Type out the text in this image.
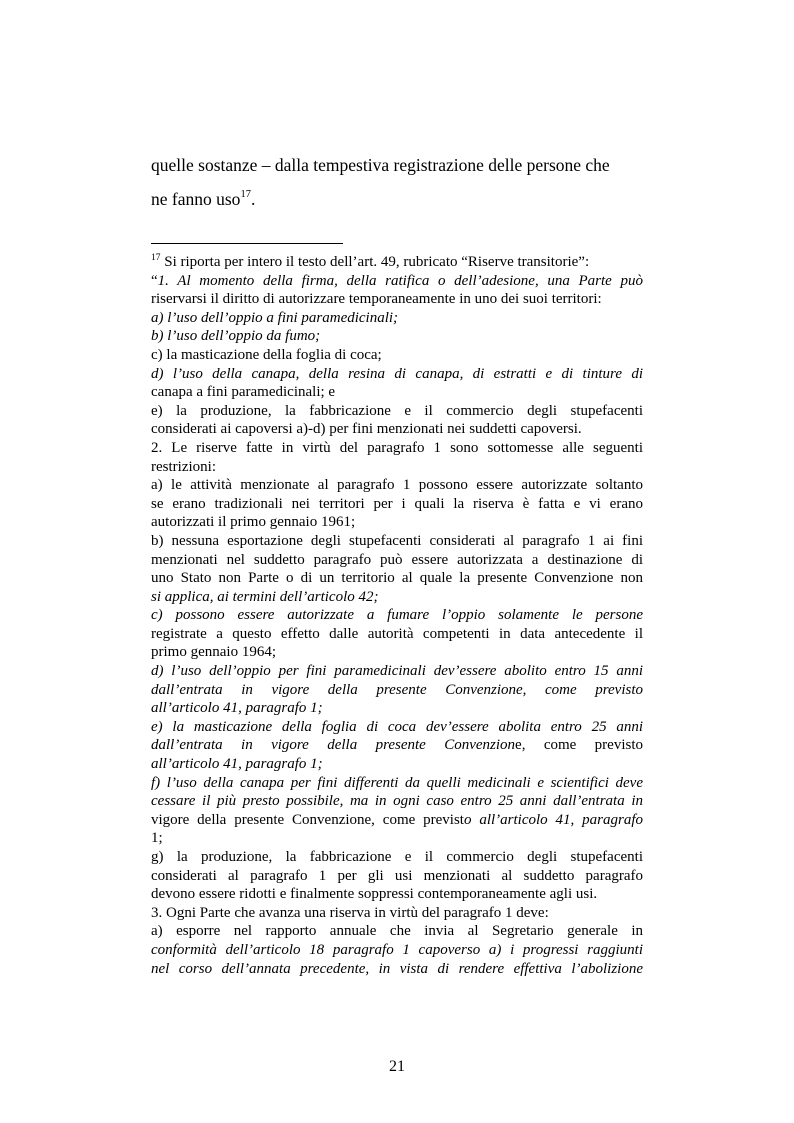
quelle sostanze – dalla tempestiva registrazione delle persone che
ne fanno uso$^{17}$.
$^{17}$ Si riporta per intero il testo dell’art. 49, rubricato “Riserve transitorie”:
“1. Al momento della firma, della ratifica o dell’adesione, una Parte può
riservarsi il diritto di autorizzare temporaneamente in uno dei suoi territori:
a) l’uso dell’oppio a fini paramedicinali;
b) l’uso dell’oppio da fumo;
c) la masticazione della foglia di coca;
d) l’uso della canapa, della resina di canapa, di estratti e di tinture di
canapa a fini paramedicinali; e
e) la produzione, la fabbricazione e il commercio degli stupefacenti
considerati ai capoversi a)-d) per fini menzionati nei suddetti capoversi.
2. Le riserve fatte in virtù del paragrafo 1 sono sottomesse alle seguenti
restrizioni:
a) le attività menzionate al paragrafo 1 possono essere autorizzate soltanto
se erano tradizionali nei territori per i quali la riserva è fatta e vi erano
autorizzati il primo gennaio 1961;
b) nessuna esportazione degli stupefacenti considerati al paragrafo 1 ai fini
menzionati nel suddetto paragrafo può essere autorizzata a destinazione di
uno Stato non Parte o di un territorio al quale la presente Convenzione non
si applica, ai termini dell’articolo 42;
c) possono essere autorizzate a fumare l’oppio solamente le persone
registrate a questo effetto dalle autorità competenti in data antecedente il
primo gennaio 1964;
d) l’uso dell’oppio per fini paramedicinali dev’essere abolito entro 15 anni
dall’entrata in vigore della presente Convenzione, come previsto
all’articolo 41, paragrafo 1;
e) la masticazione della foglia di coca dev’essere abolita entro 25 anni
dall’entrata in vigore della presente Convenzione, come previsto
all’articolo 41, paragrafo 1;
f) l’uso della canapa per fini differenti da quelli medicinali e scientifici deve
cessare il più presto possibile, ma in ogni caso entro 25 anni dall’entrata in
vigore della presente Convenzione, come previsto all’articolo 41, paragrafo
1;
g) la produzione, la fabbricazione e il commercio degli stupefacenti
considerati al paragrafo 1 per gli usi menzionati al suddetto paragrafo
devono essere ridotti e finalmente soppressi contemporaneamente agli usi.
3. Ogni Parte che avanza una riserva in virtù del paragrafo 1 deve:
a) esporre nel rapporto annuale che invia al Segretario generale in
conformità dell’articolo 18 paragrafo 1 capoverso a) i progressi raggiunti
nel corso dell’annata precedente, in vista di rendere effettiva l’abolizione
21
